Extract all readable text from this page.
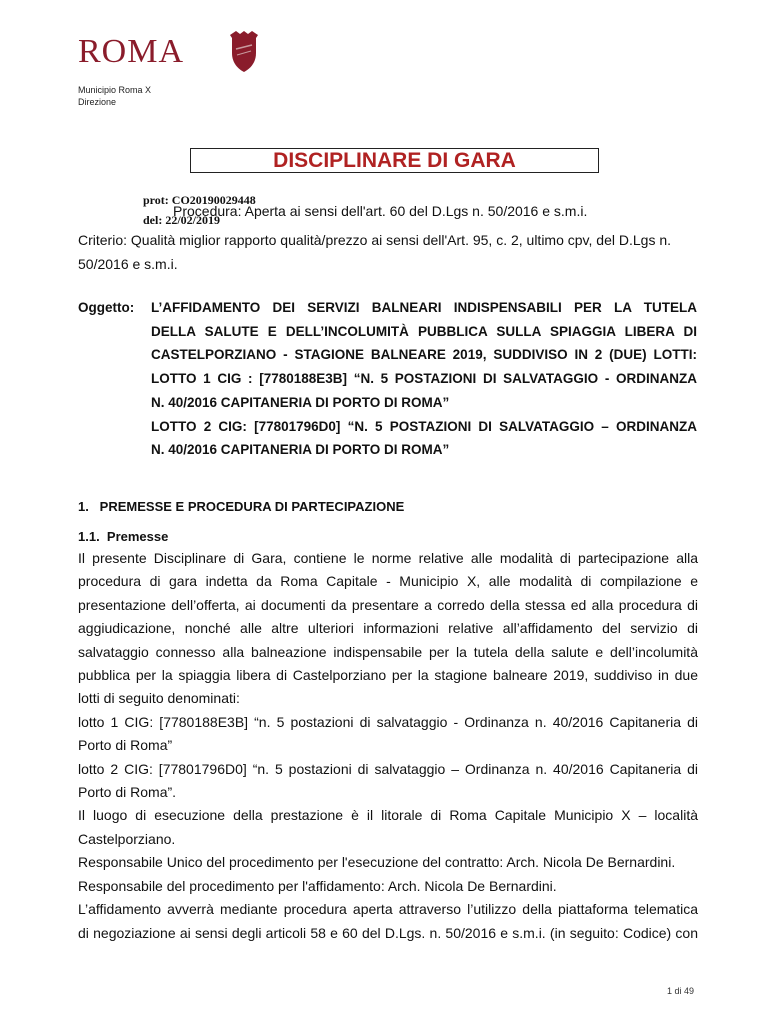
ROMA
Municipio Roma X
Direzione
DISCIPLINARE DI GARA
prot: CO20190029448
Procedura: Aperta ai sensi dell'art. 60 del D.Lgs n. 50/2016 e s.m.i.
del: 22/02/2019
Criterio: Qualità miglior rapporto qualità/prezzo ai sensi dell'Art. 95, c. 2, ultimo cpv, del D.Lgs n. 50/2016 e s.m.i.
Oggetto: L’AFFIDAMENTO DEI SERVIZI BALNEARI INDISPENSABILI PER LA TUTELA
DELLA SALUTE E DELL’INCOLUMITÀ PUBBLICA SULLA SPIAGGIA LIBERA DI
CASTELPORZIANO - STAGIONE BALNEARE 2019, SUDDIVISO IN 2 (DUE) LOTTI:
LOTTO 1 CIG : [7780188E3B] “N. 5 POSTAZIONI DI SALVATAGGIO - ORDINANZA
N. 40/2016 CAPITANERIA DI PORTO DI ROMA”
LOTTO 2 CIG: [77801796D0] “N. 5 POSTAZIONI DI SALVATAGGIO – ORDINANZA
N. 40/2016 CAPITANERIA DI PORTO DI ROMA”
1.   PREMESSE E PROCEDURA DI PARTECIPAZIONE
1.1.  Premesse
Il presente Disciplinare di Gara, contiene le norme relative alle modalità di partecipazione alla
procedura di gara indetta da Roma Capitale - Municipio X, alle modalità di compilazione e
presentazione dell’offerta, ai documenti da presentare a corredo della stessa ed alla procedura di
aggiudicazione, nonché alle altre ulteriori informazioni relative all’affidamento del servizio di
salvataggio connesso alla balneazione indispensabile per la tutela della salute e dell’incolumità
pubblica per la spiaggia libera di Castelporziano per la stagione balneare 2019, suddiviso in due
lotti di seguito denominati:
lotto 1 CIG: [7780188E3B] “n. 5 postazioni di salvataggio - Ordinanza n. 40/2016 Capitaneria di
Porto di Roma”
lotto 2 CIG: [77801796D0] “n. 5 postazioni di salvataggio – Ordinanza n. 40/2016 Capitaneria di
Porto di Roma”.
Il luogo di esecuzione della prestazione è il litorale di Roma Capitale Municipio X – località
Castelporziano.
Responsabile Unico del procedimento per l'esecuzione del contratto: Arch. Nicola De Bernardini.
Responsabile del procedimento per l'affidamento: Arch. Nicola De Bernardini.
L’affidamento avverrà mediante procedura aperta attraverso l’utilizzo della piattaforma telematica
di negoziazione ai sensi degli articoli 58 e 60 del D.Lgs. n. 50/2016 e s.m.i. (in seguito: Codice) con
1 di 49
